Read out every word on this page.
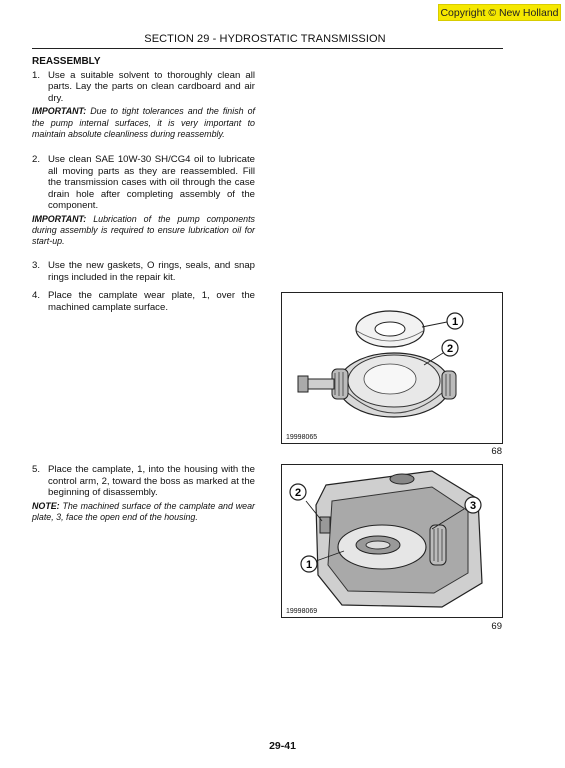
Copyright © New Holland
SECTION 29 - HYDROSTATIC TRANSMISSION
REASSEMBLY
1. Use a suitable solvent to thoroughly clean all parts. Lay the parts on clean cardboard and air dry.
IMPORTANT: Due to tight tolerances and the finish of the pump internal surfaces, it is very important to maintain absolute cleanliness during reassembly.
2. Use clean SAE 10W-30 SH/CG4 oil to lubricate all moving parts as they are reassembled. Fill the transmission cases with oil through the case drain hole after completing assembly of the component.
IMPORTANT: Lubrication of the pump components during assembly is required to ensure lubrication oil for start-up.
3. Use the new gaskets, O rings, seals, and snap rings included in the repair kit.
4. Place the camplate wear plate, 1, over the machined camplate surface.
5. Place the camplate, 1, into the housing with the control arm, 2, toward the boss as marked at the beginning of disassembly.
NOTE: The machined surface of the camplate and wear plate, 3, face the open end of the housing.
1
2
19998065
68
2
3
1
19998069
69
29-41
